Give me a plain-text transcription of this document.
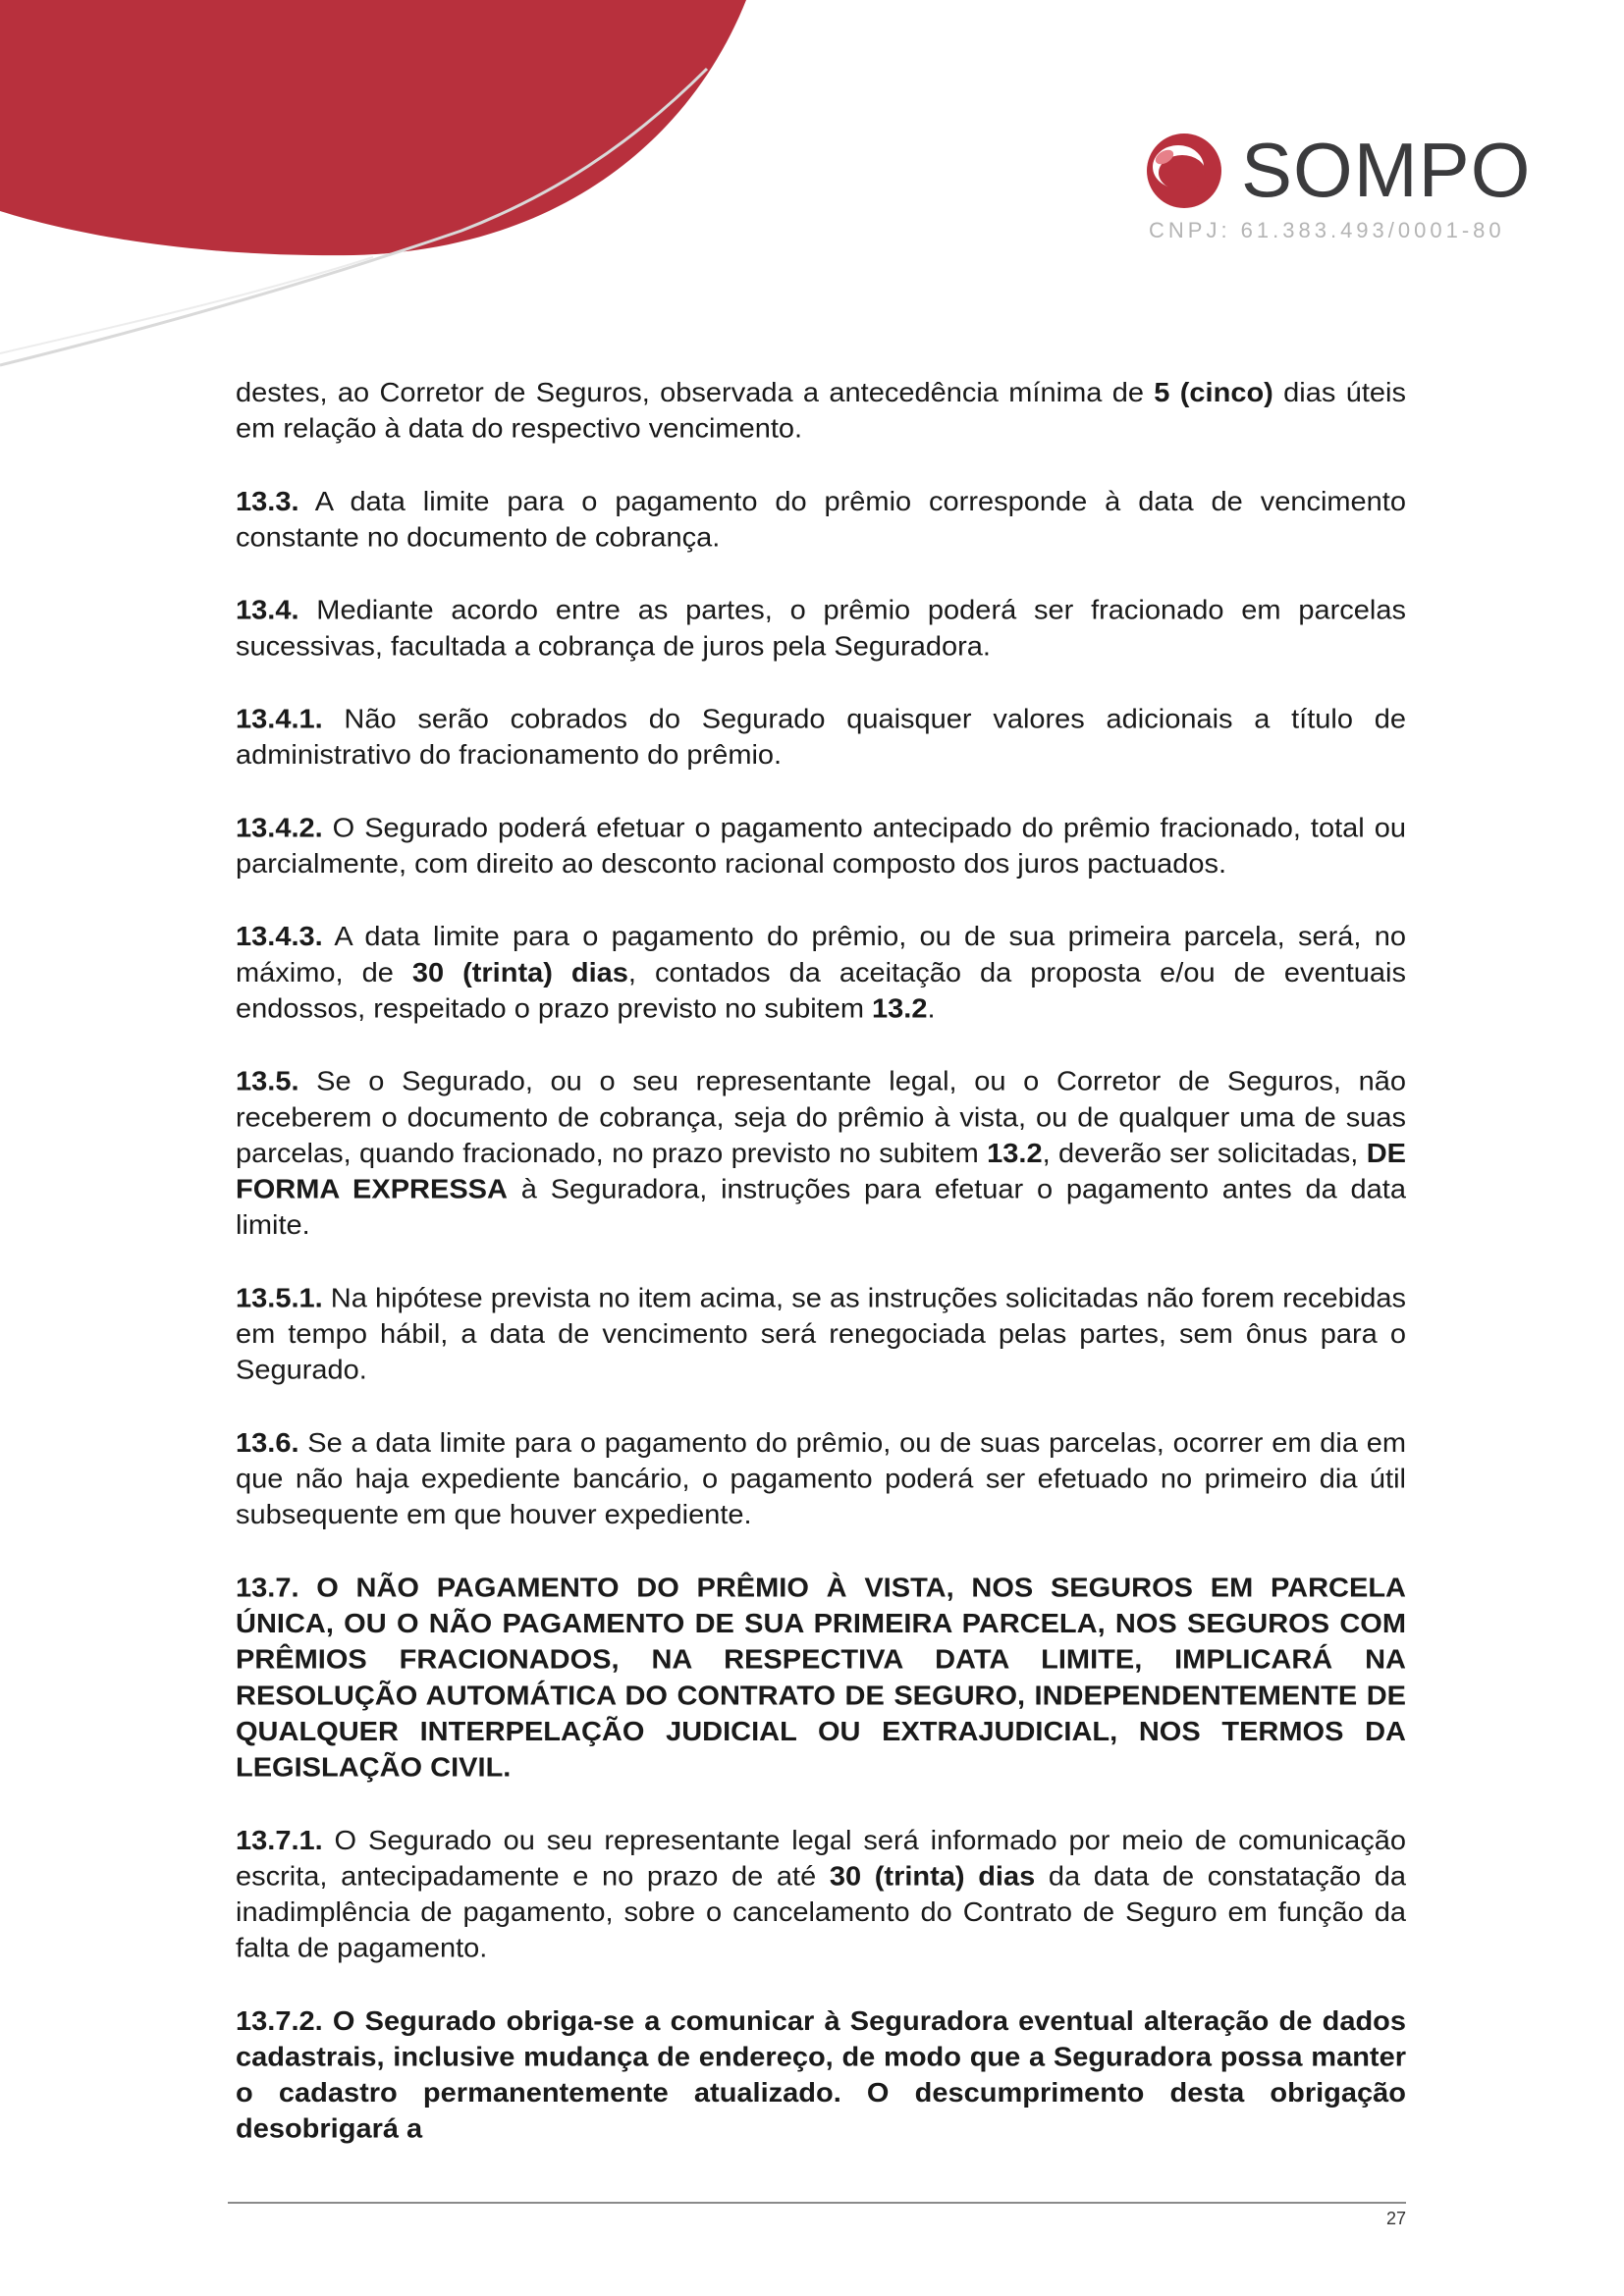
SOMPO
CNPJ: 61.383.493/0001-80

destes, ao Corretor de Seguros, observada a antecedência mínima de 5 (cinco) dias úteis em relação à data do respectivo vencimento.

13.3. A data limite para o pagamento do prêmio corresponde à data de vencimento constante no documento de cobrança.

13.4. Mediante acordo entre as partes, o prêmio poderá ser fracionado em parcelas sucessivas, facultada a cobrança de juros pela Seguradora.

13.4.1. Não serão cobrados do Segurado quaisquer valores adicionais a título de administrativo do fracionamento do prêmio.

13.4.2. O Segurado poderá efetuar o pagamento antecipado do prêmio fracionado, total ou parcialmente, com direito ao desconto racional composto dos juros pactuados.

13.4.3. A data limite para o pagamento do prêmio, ou de sua primeira parcela, será, no máximo, de 30 (trinta) dias, contados da aceitação da proposta e/ou de eventuais endossos, respeitado o prazo previsto no subitem 13.2.

13.5. Se o Segurado, ou o seu representante legal, ou o Corretor de Seguros, não receberem o documento de cobrança, seja do prêmio à vista, ou de qualquer uma de suas parcelas, quando fracionado, no prazo previsto no subitem 13.2, deverão ser solicitadas, DE FORMA EXPRESSA à Seguradora, instruções para efetuar o pagamento antes da data limite.

13.5.1. Na hipótese prevista no item acima, se as instruções solicitadas não forem recebidas em tempo hábil, a data de vencimento será renegociada pelas partes, sem ônus para o Segurado.

13.6. Se a data limite para o pagamento do prêmio, ou de suas parcelas, ocorrer em dia em que não haja expediente bancário, o pagamento poderá ser efetuado no primeiro dia útil subsequente em que houver expediente.

13.7. O NÃO PAGAMENTO DO PRÊMIO À VISTA, NOS SEGUROS EM PARCELA ÚNICA, OU O NÃO PAGAMENTO DE SUA PRIMEIRA PARCELA, NOS SEGUROS COM PRÊMIOS FRACIONADOS, NA RESPECTIVA DATA LIMITE, IMPLICARÁ NA RESOLUÇÃO AUTOMÁTICA DO CONTRATO DE SEGURO, INDEPENDENTEMENTE DE QUALQUER INTERPELAÇÃO JUDICIAL OU EXTRAJUDICIAL, NOS TERMOS DA LEGISLAÇÃO CIVIL.

13.7.1. O Segurado ou seu representante legal será informado por meio de comunicação escrita, antecipadamente e no prazo de até 30 (trinta) dias da data de constatação da inadimplência de pagamento, sobre o cancelamento do Contrato de Seguro em função da falta de pagamento.

13.7.2. O Segurado obriga-se a comunicar à Seguradora eventual alteração de dados cadastrais, inclusive mudança de endereço, de modo que a Seguradora possa manter o cadastro permanentemente atualizado. O descumprimento desta obrigação desobrigará a

27
